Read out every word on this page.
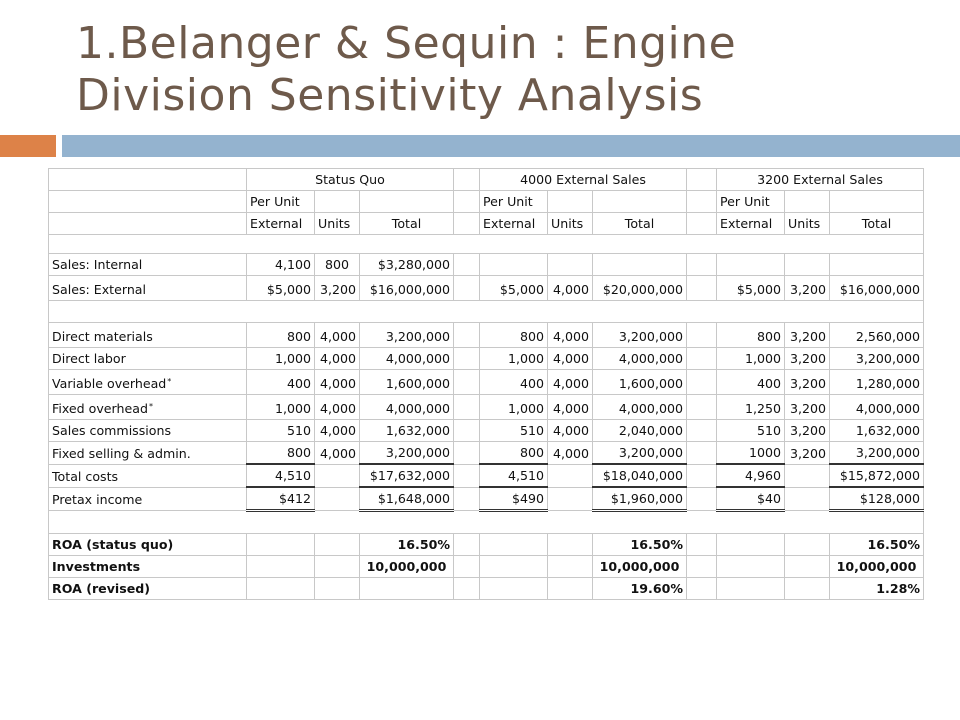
1.Belanger & Sequin : Engine
Division Sensitivity Analysis
	Status Quo				4000 External Sales				3200 External Sales		
	Per Unit				Per Unit				Per Unit		
	External	Units	Total		External	Units	Total		External	Units	Total

Sales: Internal	4,100	800	$3,280,000								
Sales: External	$5,000	3,200	$16,000,000		$5,000	4,000	$20,000,000		$5,000	3,200	$16,000,000

Direct materials	800	4,000	3,200,000		800	4,000	3,200,000		800	3,200	2,560,000
Direct labor	1,000	4,000	4,000,000		1,000	4,000	4,000,000		1,000	3,200	3,200,000
Variable overhead*	400	4,000	1,600,000		400	4,000	1,600,000		400	3,200	1,280,000
Fixed overhead*	1,000	4,000	4,000,000		1,000	4,000	4,000,000		1,250	3,200	4,000,000
Sales commissions	510	4,000	1,632,000		510	4,000	2,040,000		510	3,200	1,632,000
Fixed selling & admin.	800	4,000	3,200,000		800	4,000	3,200,000		1000	3,200	3,200,000
Total costs	4,510		$17,632,000		4,510		$18,040,000		4,960		$15,872,000
Pretax income	$412		$1,648,000		$490		$1,960,000		$40		$128,000

ROA (status quo)			16.50%				16.50%				16.50%
Investments			10,000,000				10,000,000				10,000,000
ROA (revised)							19.60%				1.28%
